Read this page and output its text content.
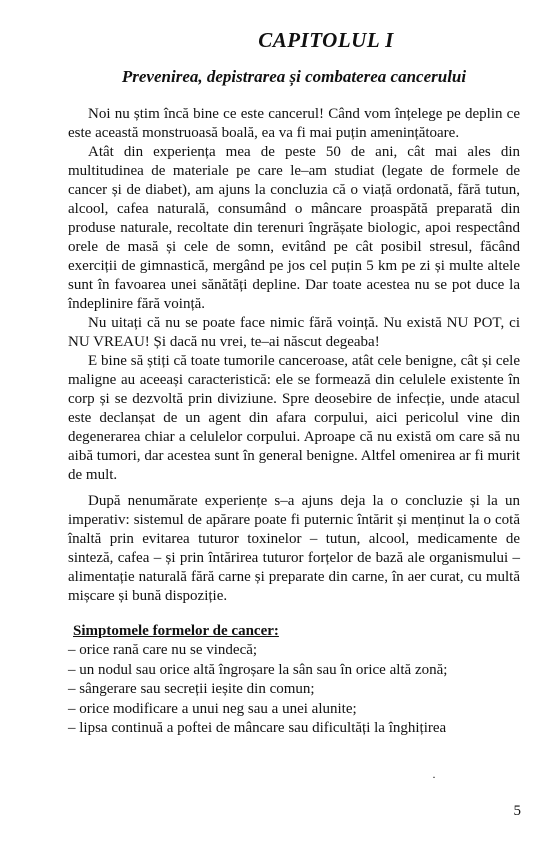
CAPITOLUL I
Prevenirea, depistrarea și combaterea cancerului

Noi nu știm încă bine ce este cancerul! Când vom înțelege pe deplin ce este această monstruoasă boală, ea va fi mai puțin amenințătoare.

Atât din experiența mea de peste 50 de ani, cât mai ales din multitudinea de materiale pe care le–am studiat (legate de formele de cancer și de diabet), am ajuns la concluzia că o viață ordonată, fără tutun, alcool, cafea naturală, consumând o mâncare proaspătă preparată din produse naturale, recoltate din terenuri îngrășate biologic, apoi respectând orele de masă și cele de somn, evitând pe cât posibil stresul, făcând exerciții de gimnastică, mergând pe jos cel puțin 5 km pe zi și multe altele sunt în favoarea unei sănătăți depline. Dar toate acestea nu se pot duce la îndeplinire fără voință.

Nu uitați că nu se poate face nimic fără voință. Nu există NU POT, ci NU VREAU! Și dacă nu vrei, te–ai născut degeaba!

E bine să știți că toate tumorile canceroase, atât cele benigne, cât și cele maligne au aceeași caracteristică: ele se formează din celulele existente în corp și se dezvoltă prin diviziune. Spre deosebire de infecție, unde atacul este declanșat de un agent din afara corpului, aici pericolul vine din degenerarea chiar a celulelor corpului. Aproape că nu există om care să nu aibă tumori, dar acestea sunt în general benigne. Altfel omenirea ar fi murit de mult.

După nenumărate experiențe s–a ajuns deja la o concluzie și la un imperativ: sistemul de apărare poate fi puternic întărit și menținut la o cotă înaltă prin evitarea tuturor toxinelor – tutun, alcool, medicamente de sinteză, cafea – și prin întărirea tuturor forțelor de bază ale organismului – alimentație naturală fără carne și preparate din carne, în aer curat, cu multă mișcare și bună dispoziție.

Simptomele formelor de cancer:
– orice rană care nu se vindecă;
– un nodul sau orice altă îngroșare la sân sau în orice altă zonă;
– sângerare sau secreții ieșite din comun;
– orice modificare a unui neg sau a unei alunite;
– lipsa continuă a poftei de mâncare sau dificultăți la înghițirea
·
5
